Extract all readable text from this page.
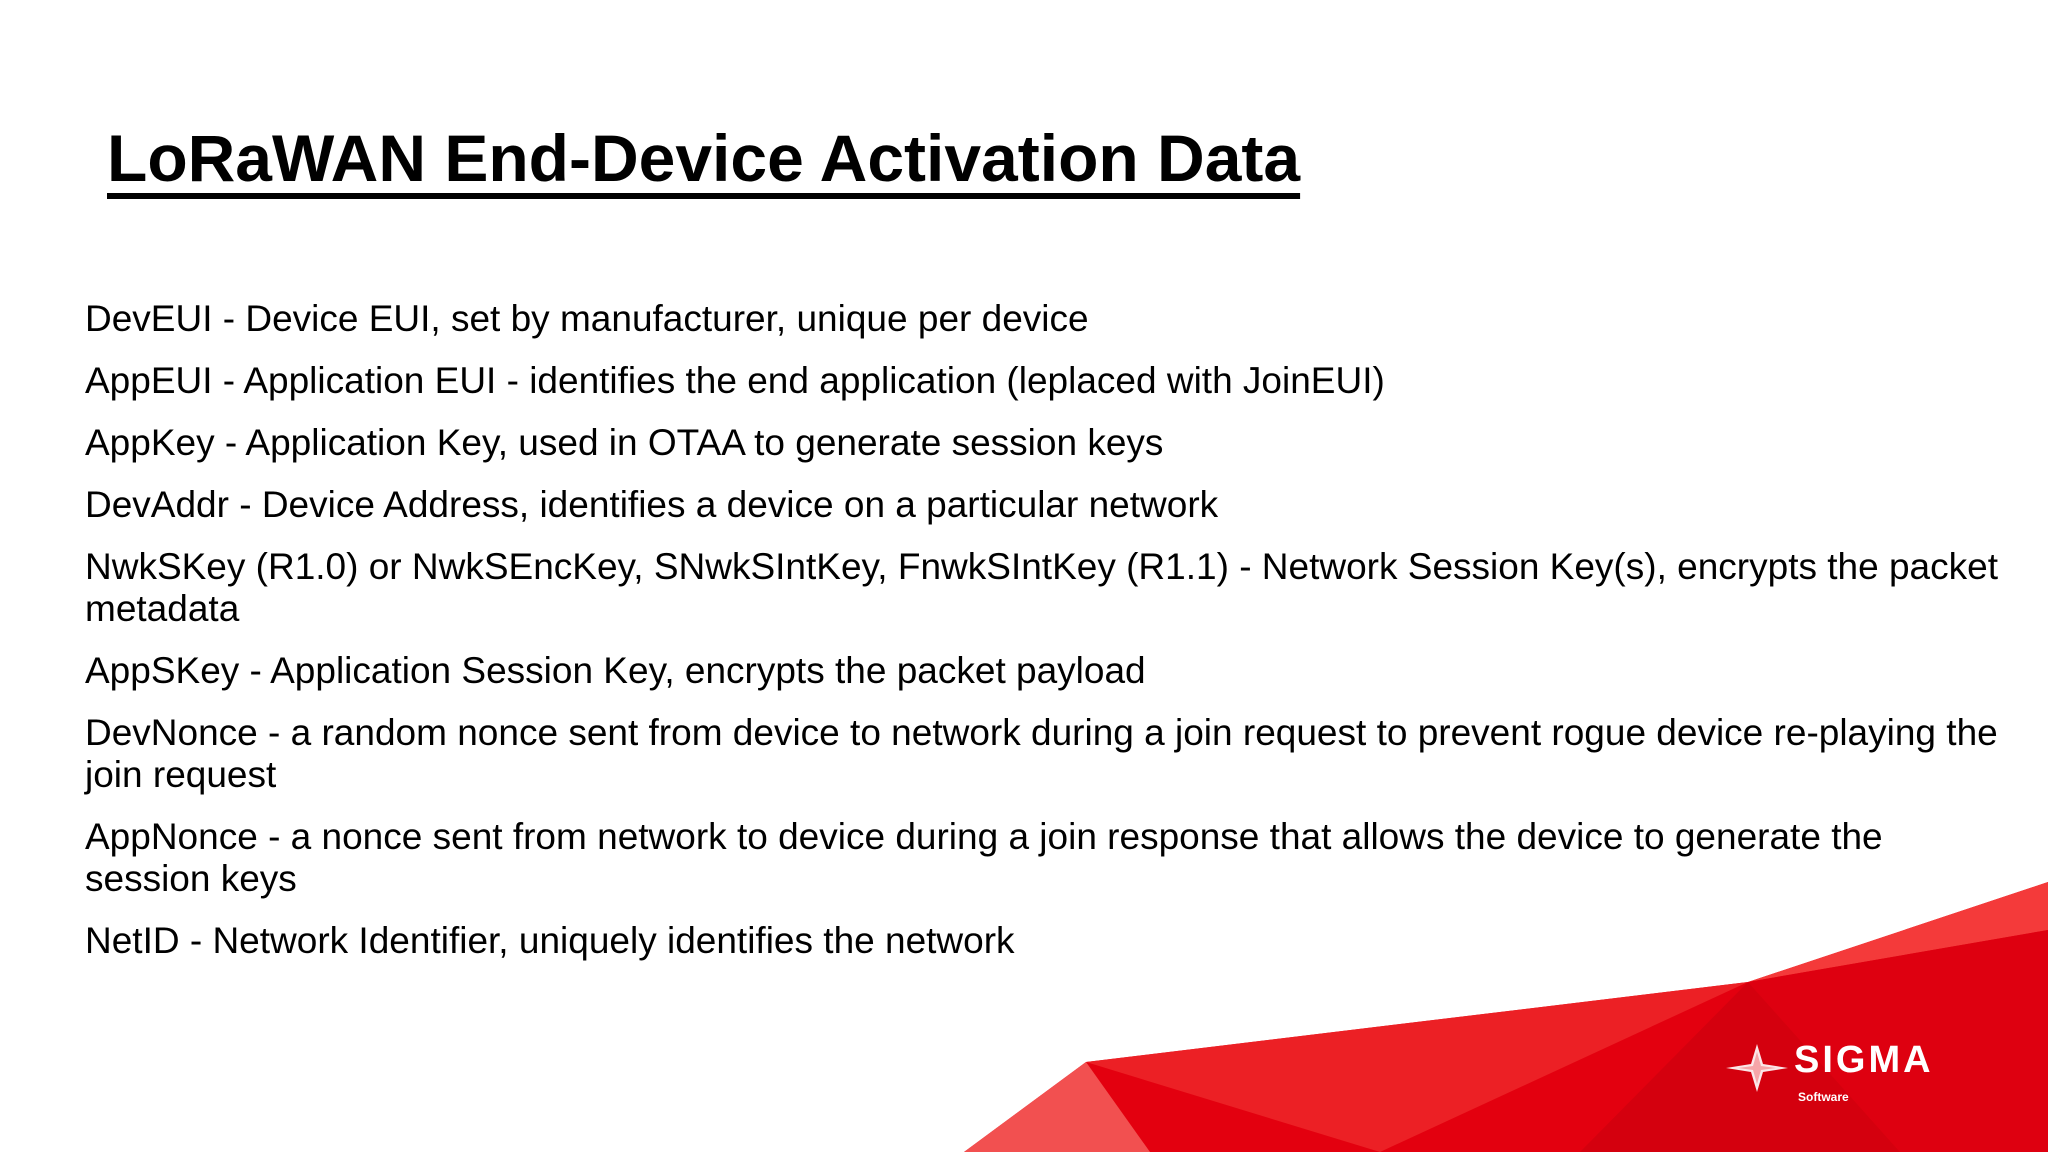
LoRaWAN End-Device Activation Data
DevEUI - Device EUI, set by manufacturer, unique per device
AppEUI - Application EUI - identifies the end application (leplaced with JoinEUI)
AppKey - Application Key, used in OTAA to generate session keys
DevAddr - Device Address, identifies a device on a particular network
NwkSKey (R1.0) or NwkSEncKey, SNwkSIntKey, FnwkSIntKey (R1.1) - Network Session Key(s), encrypts the packet metadata
AppSKey - Application Session Key, encrypts the packet payload
DevNonce - a random nonce sent from device to network during a join request to prevent rogue device re-playing the join request
AppNonce - a nonce sent from network to device during a join response that allows the device to generate the session keys
NetID - Network Identifier, uniquely identifies the network
SIGMA
Software
